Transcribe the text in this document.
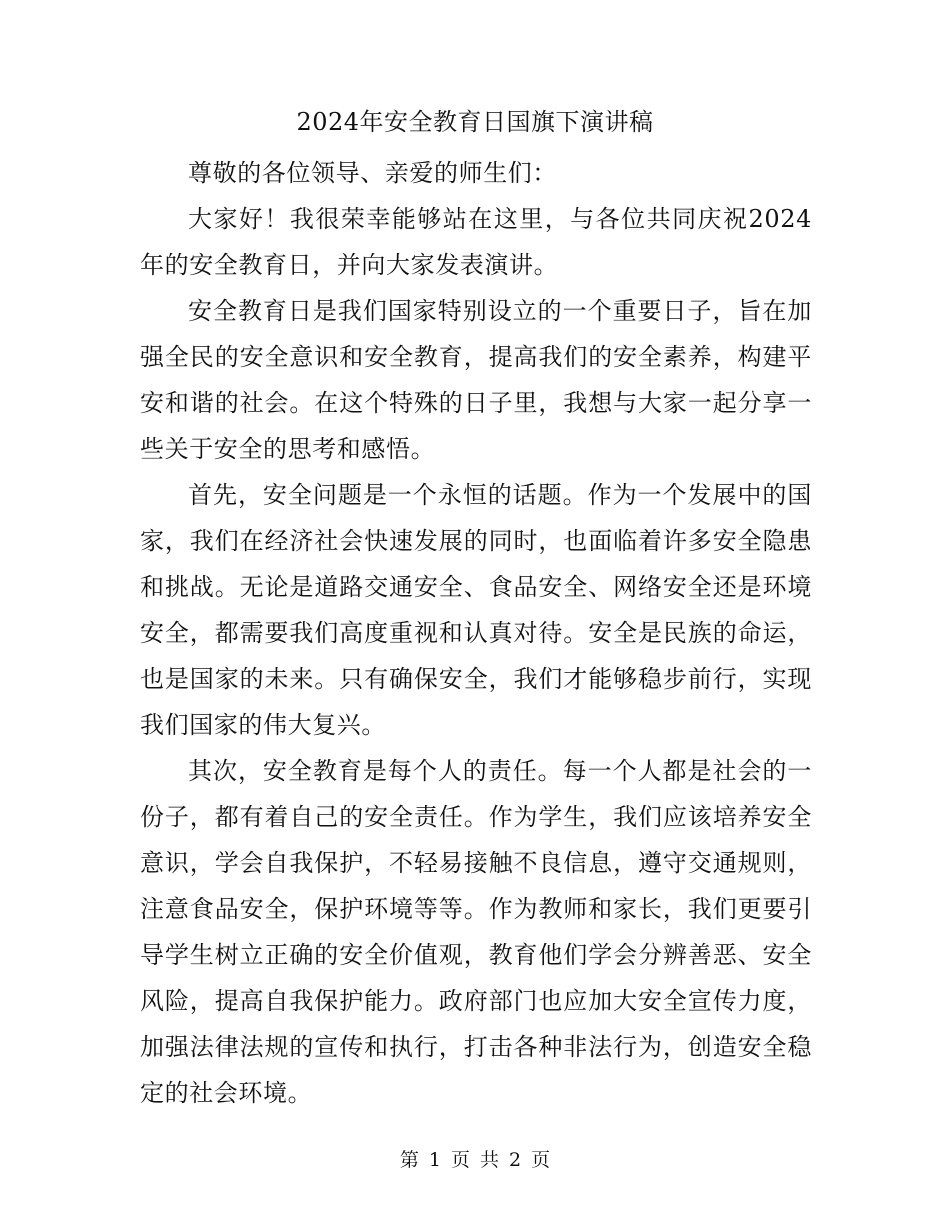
2024年安全教育日国旗下演讲稿

尊敬的各位领导、亲爱的师生们：

大家好！我很荣幸能够站在这里，与各位共同庆祝2024年的安全教育日，并向大家发表演讲。

安全教育日是我们国家特别设立的一个重要日子，旨在加强全民的安全意识和安全教育，提高我们的安全素养，构建平安和谐的社会。在这个特殊的日子里，我想与大家一起分享一些关于安全的思考和感悟。

首先，安全问题是一个永恒的话题。作为一个发展中的国家，我们在经济社会快速发展的同时，也面临着许多安全隐患和挑战。无论是道路交通安全、食品安全、网络安全还是环境安全，都需要我们高度重视和认真对待。安全是民族的命运，也是国家的未来。只有确保安全，我们才能够稳步前行，实现我们国家的伟大复兴。

其次，安全教育是每个人的责任。每一个人都是社会的一份子，都有着自己的安全责任。作为学生，我们应该培养安全意识，学会自我保护，不轻易接触不良信息，遵守交通规则，注意食品安全，保护环境等等。作为教师和家长，我们更要引导学生树立正确的安全价值观，教育他们学会分辨善恶、安全风险，提高自我保护能力。政府部门也应加大安全宣传力度，加强法律法规的宣传和执行，打击各种非法行为，创造安全稳定的社会环境。

第 1 页 共 2 页
